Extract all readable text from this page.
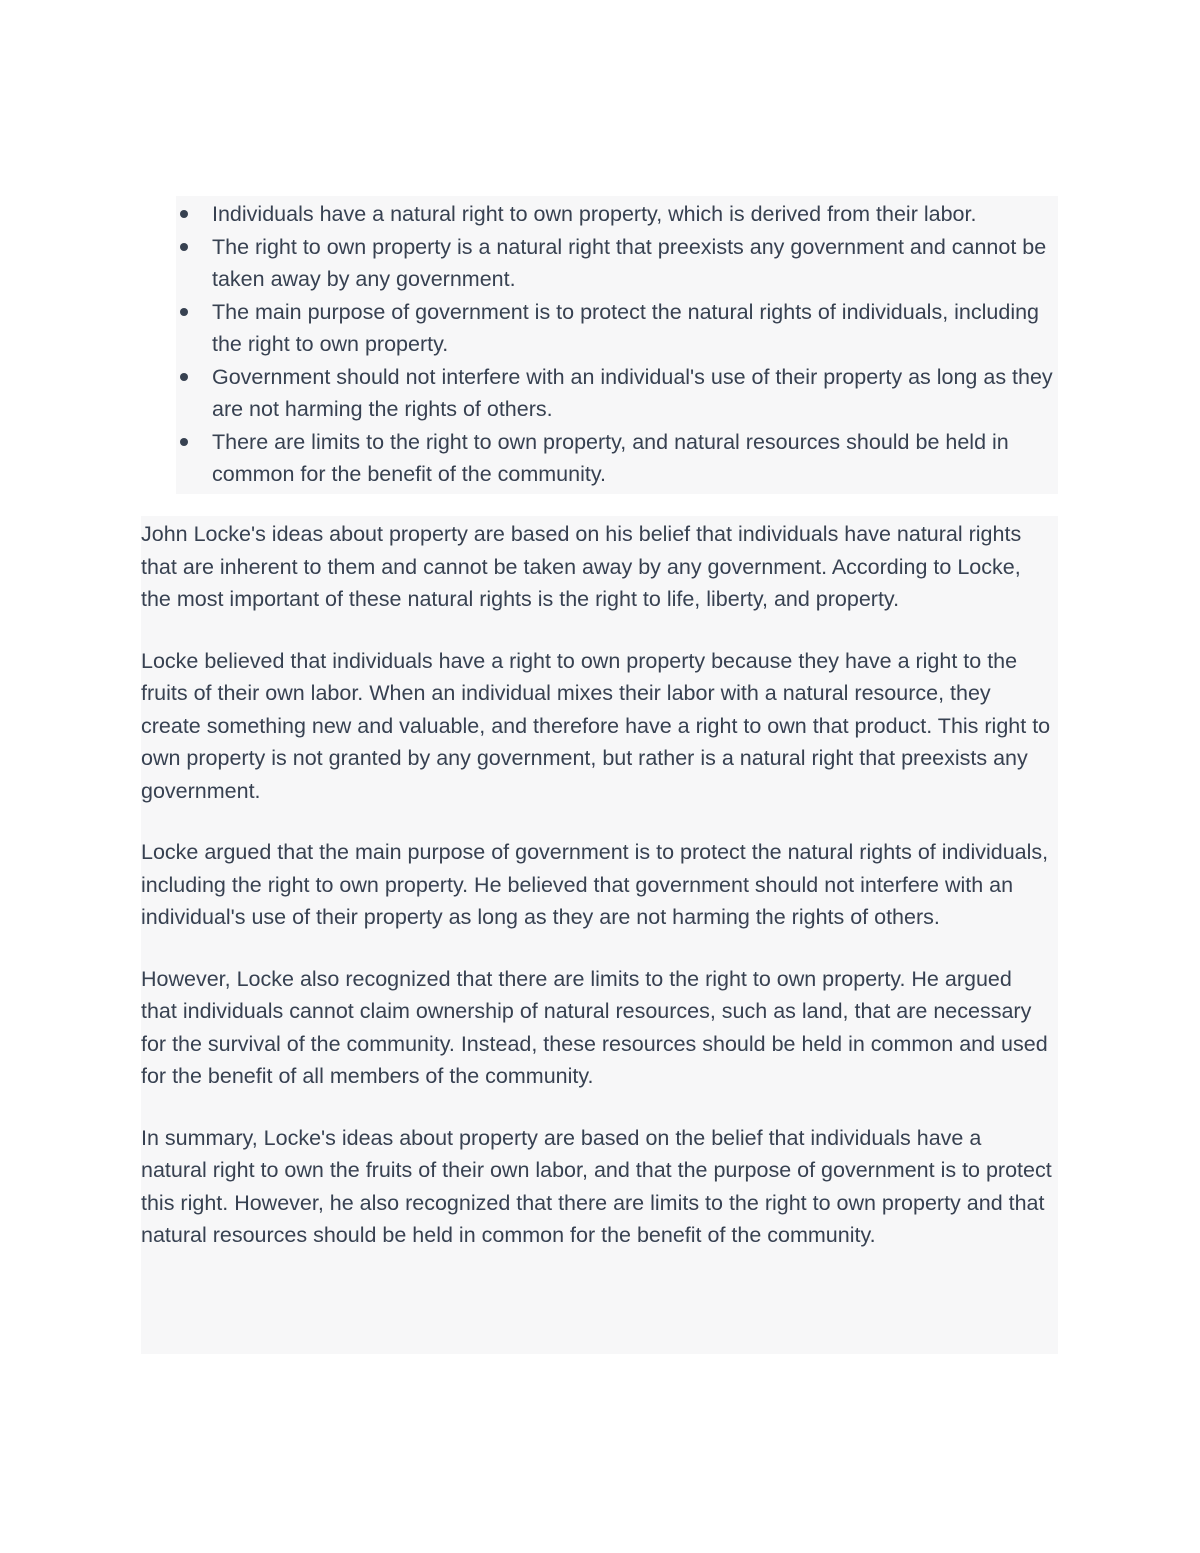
Individuals have a natural right to own property, which is derived from their labor.
The right to own property is a natural right that preexists any government and cannot be taken away by any government.
The main purpose of government is to protect the natural rights of individuals, including the right to own property.
Government should not interfere with an individual's use of their property as long as they are not harming the rights of others.
There are limits to the right to own property, and natural resources should be held in common for the benefit of the community.

John Locke's ideas about property are based on his belief that individuals have natural rights that are inherent to them and cannot be taken away by any government. According to Locke, the most important of these natural rights is the right to life, liberty, and property.

Locke believed that individuals have a right to own property because they have a right to the fruits of their own labor. When an individual mixes their labor with a natural resource, they create something new and valuable, and therefore have a right to own that product. This right to own property is not granted by any government, but rather is a natural right that preexists any government.

Locke argued that the main purpose of government is to protect the natural rights of individuals, including the right to own property. He believed that government should not interfere with an individual's use of their property as long as they are not harming the rights of others.

However, Locke also recognized that there are limits to the right to own property. He argued that individuals cannot claim ownership of natural resources, such as land, that are necessary for the survival of the community. Instead, these resources should be held in common and used for the benefit of all members of the community.

In summary, Locke's ideas about property are based on the belief that individuals have a natural right to own the fruits of their own labor, and that the purpose of government is to protect this right. However, he also recognized that there are limits to the right to own property and that natural resources should be held in common for the benefit of the community.
